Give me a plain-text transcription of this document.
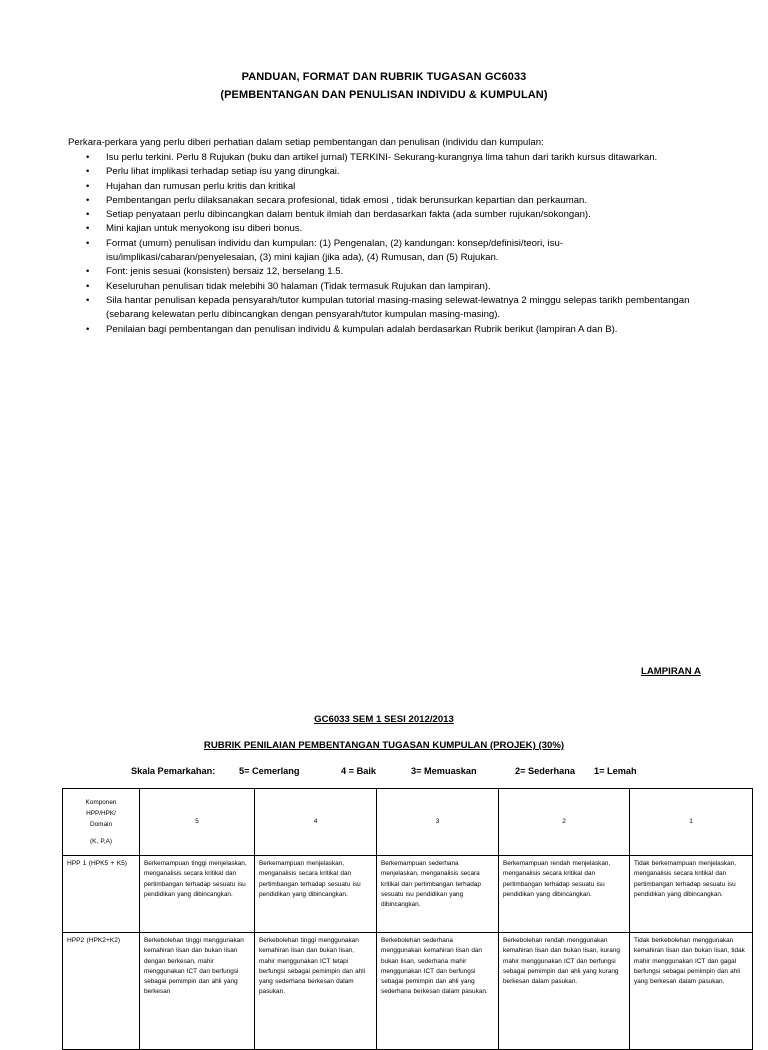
PANDUAN, FORMAT DAN RUBRIK TUGASAN GC6033
(PEMBENTANGAN DAN PENULISAN INDIVIDU & KUMPULAN)
Perkara-perkara yang perlu diberi perhatian dalam setiap pembentangan dan penulisan (individu dan kumpulan:
• Isu perlu terkini. Perlu 8 Rujukan (buku dan artikel jurnal) TERKINI- Sekurang-kurangnya lima tahun dari tarikh kursus ditawarkan.
• Perlu lihat implikasi terhadap setiap isu yang dirungkai.
• Hujahan dan rumusan perlu kritis dan kritikal
• Pembentangan perlu dilaksanakan secara profesional, tidak emosi , tidak berunsurkan kepartian dan perkauman.
• Setiap penyataan perlu dibincangkan dalam bentuk ilmiah dan berdasarkan fakta (ada sumber rujukan/sokongan).
• Mini kajian untuk menyokong isu diberi bonus.
• Format (umum) penulisan individu dan kumpulan: (1) Pengenalan, (2) kandungan: konsep/definisi/teori, isu-isu/implikasi/cabaran/penyelesaian, (3) mini kajian (jika ada), (4) Rumusan, dan (5) Rujukan.
• Font: jenis sesuai (konsisten) bersaiz 12, berselang 1.5.
• Keseluruhan penulisan tidak melebihi 30 halaman (Tidak termasuk Rujukan dan lampiran).
• Sila hantar penulisan kepada pensyarah/tutor kumpulan tutorial masing-masing selewat-lewatnya 2 minggu selepas tarikh pembentangan (sebarang kelewatan perlu dibincangkan dengan pensyarah/tutor kumpulan masing-masing).
• Penilaian bagi pembentangan dan penulisan individu & kumpulan adalah berdasarkan Rubrik berikut (lampiran A dan B).
LAMPIRAN A
GC6033 SEM 1 SESI 2012/2013
RUBRIK PENILAIAN PEMBENTANGAN TUGASAN KUMPULAN (PROJEK) (30%)
Skala Pemarkahan:	5= Cemerlang	4 = Baik	3= Memuaskan	2= Sederhana 1= Lemah
Komponen
HPP/HPK/
Domain
(K, P,A)	5	4	3	2	1
HPP 1 (HPK5 + K5)	Berkemampuan tinggi menjelaskan, menganalisis secara kritikal dan pertimbangan terhadap sesuatu isu pendidikan yang dibincangkan.	Berkemampuan menjelaskan, menganalisis secara kritikal dan pertimbangan terhadap sesuatu isu pendidikan yang dibincangkan.	Berkemampuan sederhana menjelaskan, menganalisis secara kritikal dan pertimbangan terhadap sesuatu isu pendidikan yang dibincangkan.	Berkemampuan rendah menjelaskan, menganalisis secara kritikal dan pertimbangan terhadap sesuatu isu pendidikan yang dibincangkan.	Tidak berkemampuan menjelaskan, menganalisis secara kritikal dan pertimbangan terhadap sesuatu isu pendidikan yang dibincangkan.
HPP2 (HPK2+K2)	Berkebolehan tinggi menggunakan kemahiran lisan dan bukan lisan dengan berkesan, mahir menggunakan ICT dan berfungsi sebagai pemimpin dan ahli yang berkesan	Berkebolehan tinggi menggunakan kemahiran lisan dan bukan lisan, mahir menggunakan ICT tetapi berfungsi sebagai pemimpin dan ahli yang sederhana berkesan dalam pasukan.	Berkebolehan sederhana menggunakan kemahiran lisan dan bukan lisan, sederhana mahir menggunakan ICT dan berfungsi sebagai pemimpin dan ahli yang sederhana berkesan dalam pasukan.	Berkebolehan rendah menggunakan kemahiran lisan dan bukan lisan, kurang mahir menggunakan ICT dan berfungsi sebagai pemimpin dan ahli yang kurang berkesan dalam pasukan.	Tidak berkebolehan menggunakan kemahiran lisan dan bukan lisan, tidak mahir menggunakan ICT dan gagal berfungsi sebagai pemimpin dan ahli yang berkesan dalam pasukan.
